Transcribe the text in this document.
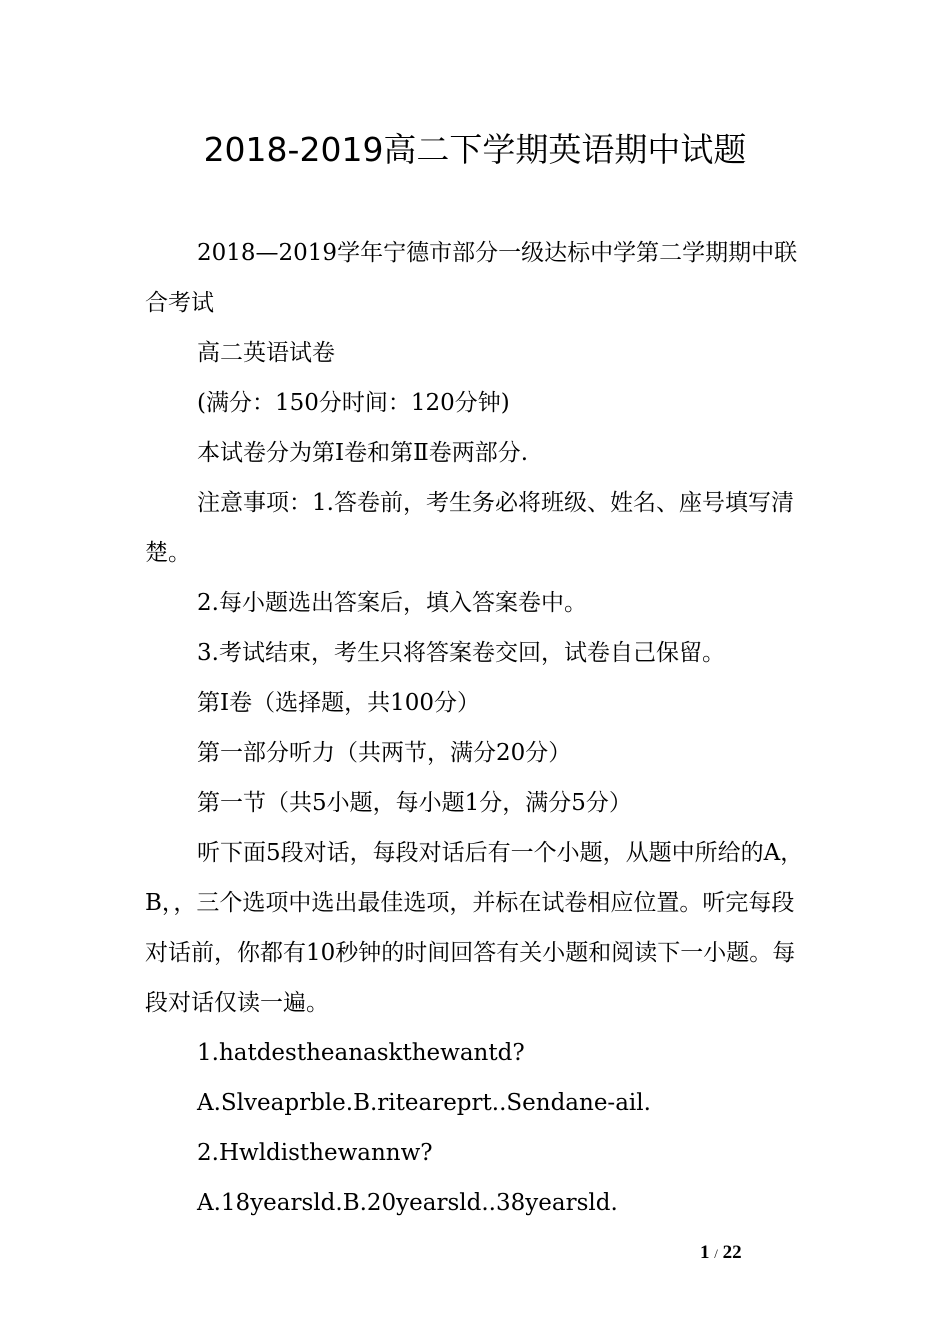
2018-2019高二下学期英语期中试题

2018—2019学年宁德市部分一级达标中学第二学期期中联合考试

高二英语试卷

(满分：150分时间：120分钟)

本试卷分为第Ⅰ卷和第Ⅱ卷两部分.

注意事项：1.答卷前，考生务必将班级、姓名、座号填写清楚。

2.每小题选出答案后，填入答案卷中。

3.考试结束，考生只将答案卷交回，试卷自己保留。

第Ⅰ卷（选择题，共100分）

第一部分听力（共两节，满分20分）

第一节（共5小题，每小题1分，满分5分）

听下面5段对话，每段对话后有一个小题，从题中所给的A，B，，三个选项中选出最佳选项，并标在试卷相应位置。听完每段对话前，你都有10秒钟的时间回答有关小题和阅读下一小题。每段对话仅读一遍。

1.hatdestheanaskthewantd?

A.Slveaprble.B.riteareprt..Sendane-ail.

2.Hwldisthewannw?

A.18yearsld.B.20yearsld..38yearsld.

1 / 22
